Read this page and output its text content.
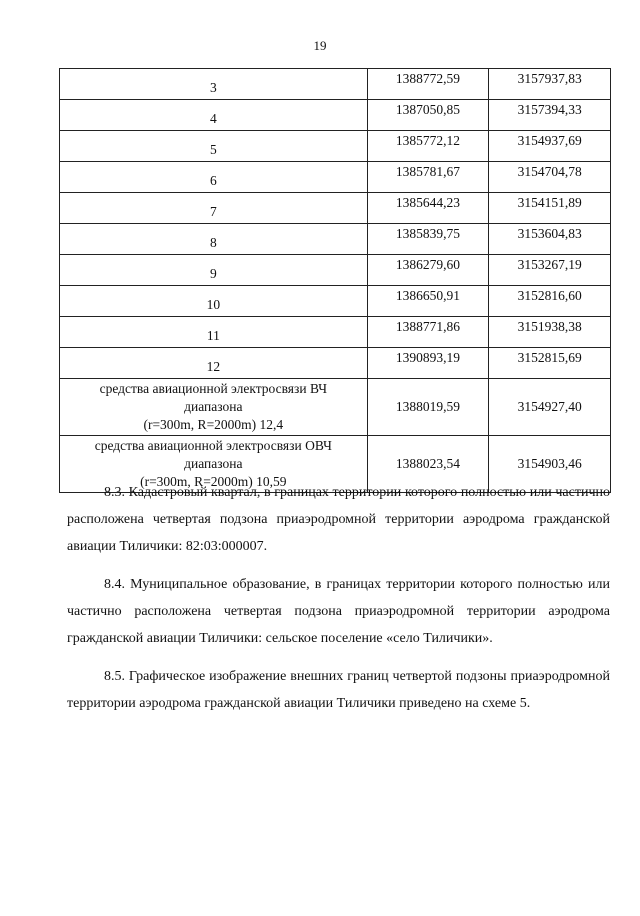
19
3	1388772,59	3157937,83
4	1387050,85	3157394,33
5	1385772,12	3154937,69
6	1385781,67	3154704,78
7	1385644,23	3154151,89
8	1385839,75	3153604,83
9	1386279,60	3153267,19
10	1386650,91	3152816,60
11	1388771,86	3151938,38
12	1390893,19	3152815,69

средства авиационной электросвязи ВЧ
диапазона
(r=300m, R=2000m) 12,4	1388019,59	3154927,40

средства авиационной электросвязи ОВЧ
диапазона
(r=300m, R=2000m) 10,59	1388023,54	3154903,46

8.3. Кадастровый квартал, в границах территории которого полностью или частично расположена четвертая подзона приаэродромной территории аэродрома гражданской авиации Тиличики: 82:03:000007.

8.4. Муниципальное образование, в границах территории которого полностью или частично расположена четвертая подзона приаэродромной территории аэродрома гражданской авиации Тиличики: сельское поселение «село Тиличики».

8.5. Графическое изображение внешних границ четвертой подзоны приаэродромной территории аэродрома гражданской авиации Тиличики приведено на схеме 5.
